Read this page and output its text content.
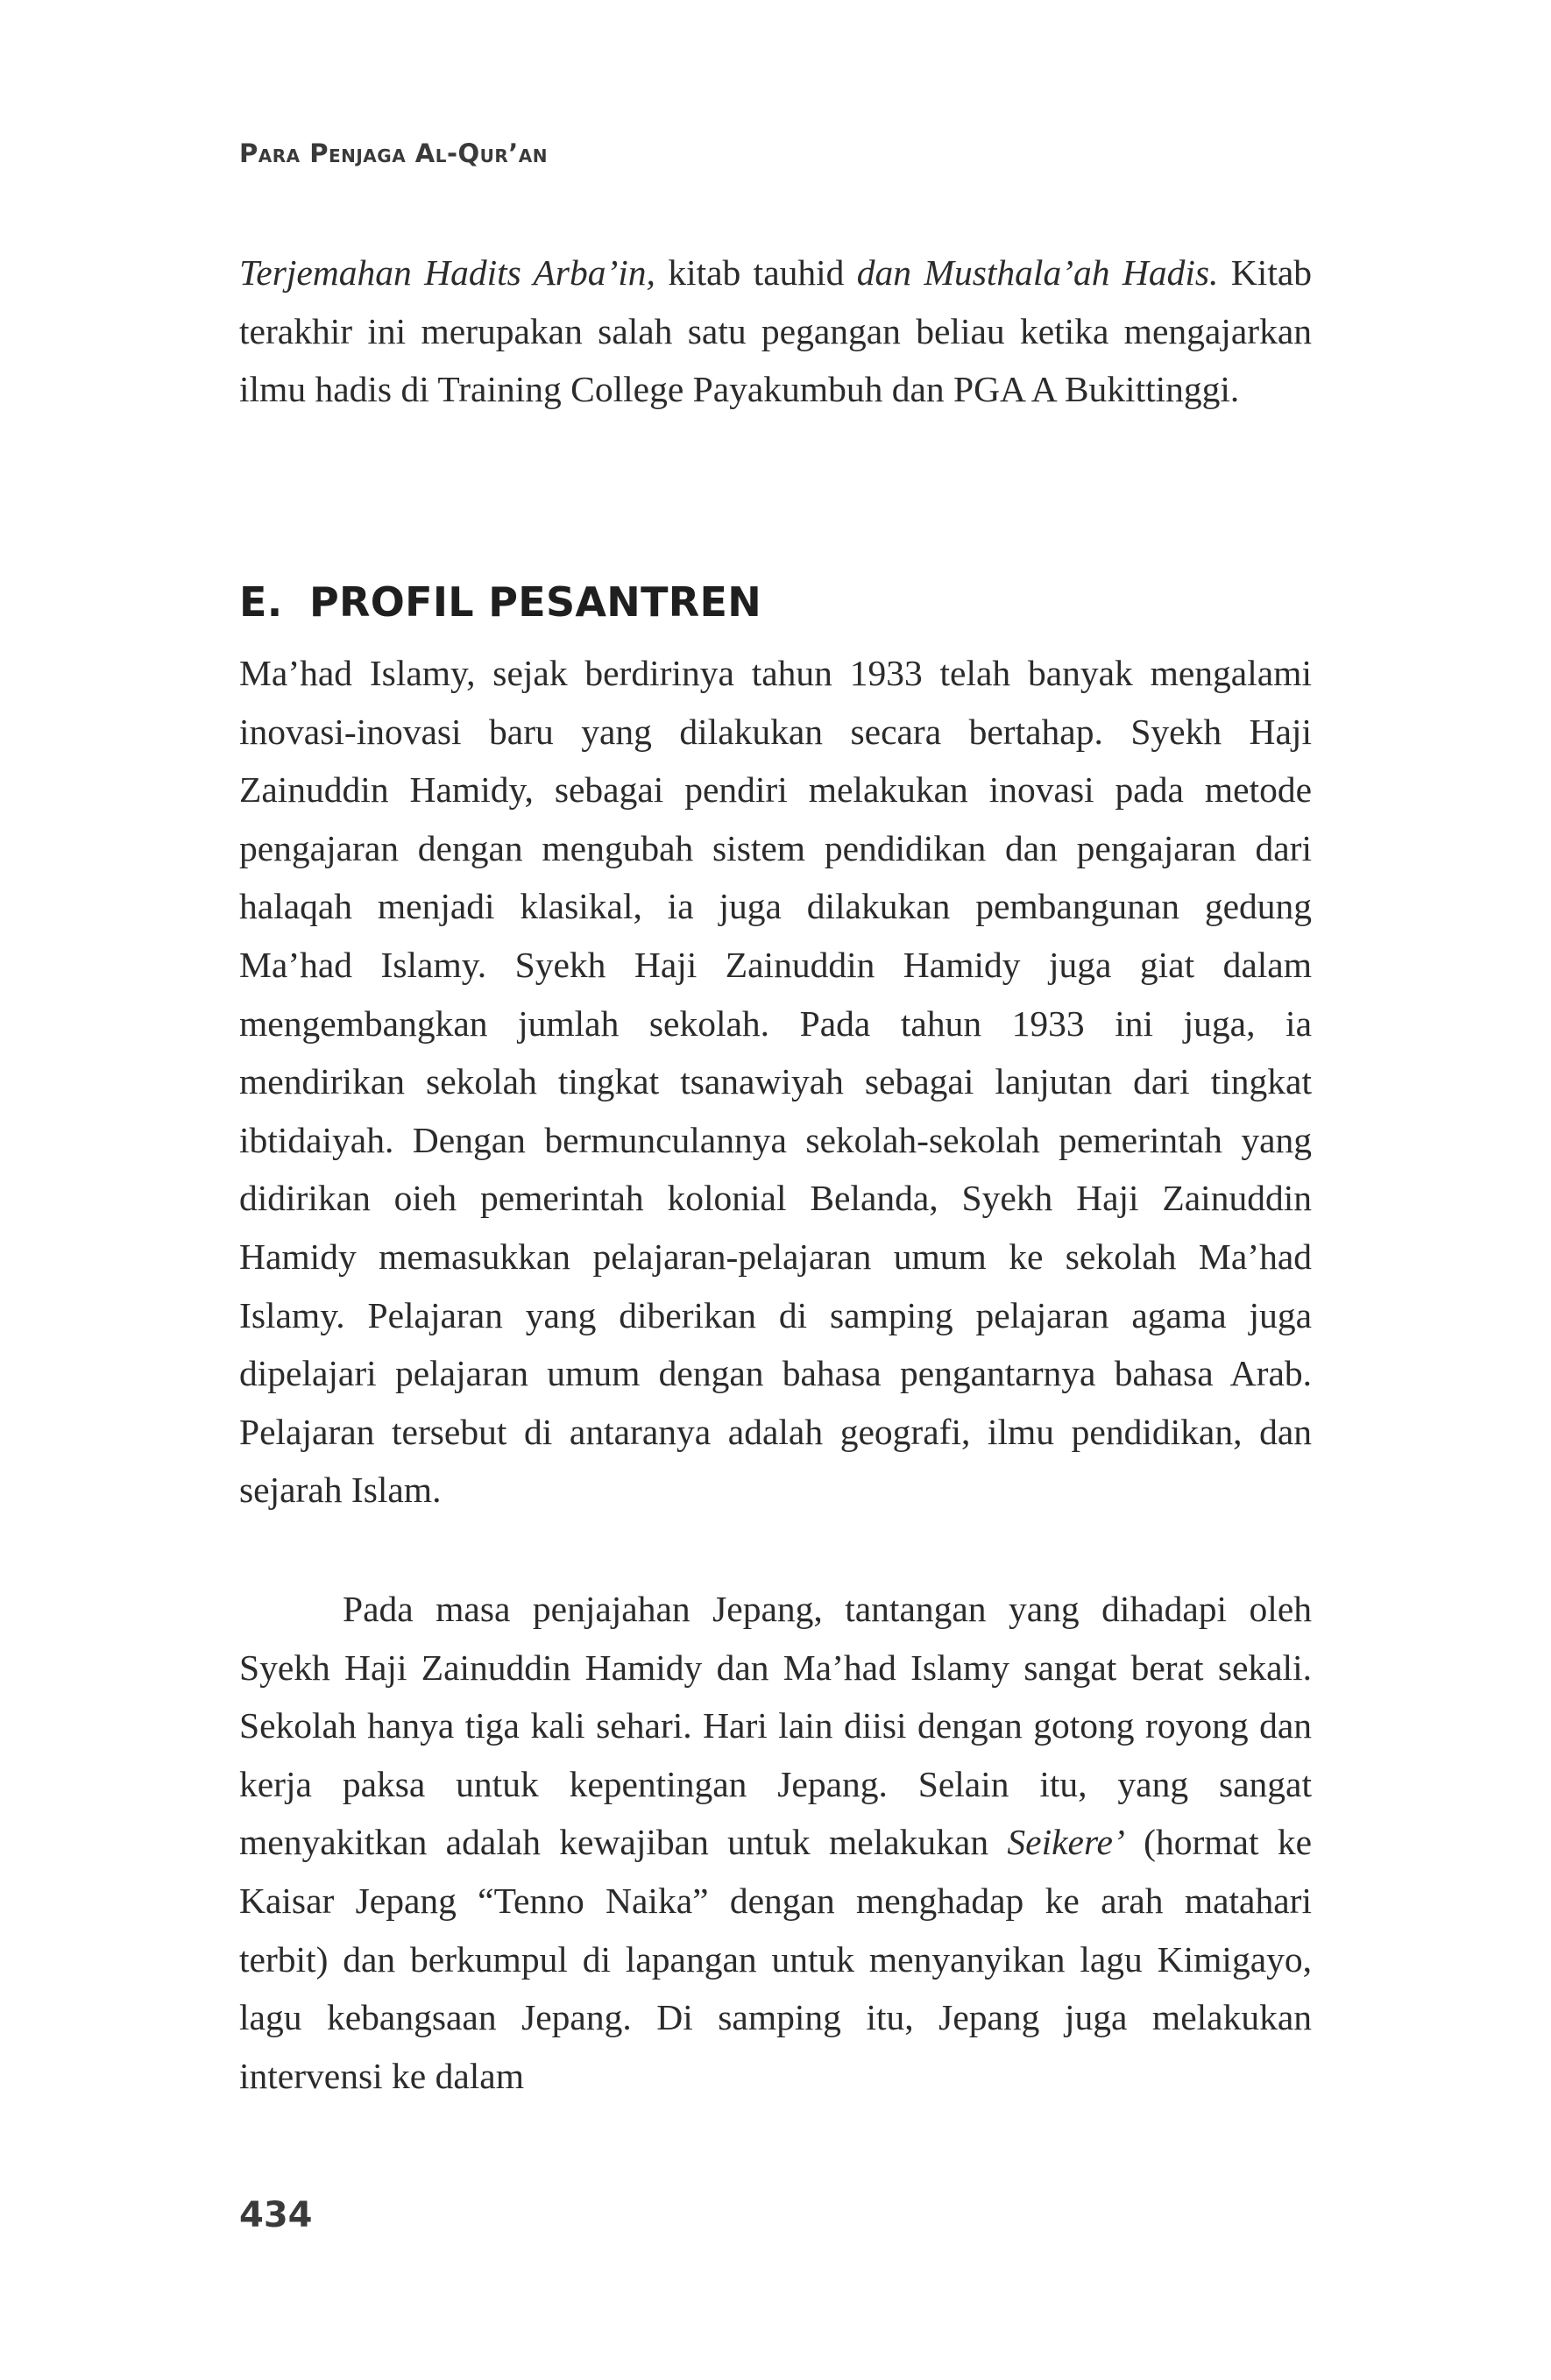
Para Penjaga Al-Qur’an

Terjemahan Hadits Arba’in, kitab tauhid dan Musthala’ah Hadis. Kitab terakhir ini merupakan salah satu pegangan beliau ketika mengajarkan ilmu hadis di Training College Payakumbuh dan PGA A Bukittinggi.

E. PROFIL PESANTREN

Ma’had Islamy, sejak berdirinya tahun 1933 telah banyak mengalami inovasi-inovasi baru yang dilakukan secara bertahap. Syekh Haji Zainuddin Hamidy, sebagai pendiri melakukan inovasi pada metode pengajaran dengan mengubah sistem pendidikan dan pengajaran dari halaqah menjadi klasikal, ia juga dilakukan pembangunan gedung Ma’had Islamy. Syekh Haji Zainuddin Hamidy juga giat dalam mengembangkan jumlah sekolah. Pada tahun 1933 ini juga, ia mendirikan sekolah tingkat tsanawiyah sebagai lanjutan dari tingkat ibtidaiyah. Dengan bermunculannya sekolah-sekolah pemerintah yang didirikan oieh pemerintah kolonial Belanda, Syekh Haji Zainuddin Hamidy memasukkan pelajaran-pelajaran umum ke sekolah Ma’had Islamy. Pelajaran yang diberikan di samping pelajaran agama juga dipelajari pelajaran umum dengan bahasa pengantarnya bahasa Arab. Pelajaran tersebut di antaranya adalah geografi, ilmu pendidikan, dan sejarah Islam.

Pada masa penjajahan Jepang, tantangan yang dihadapi oleh Syekh Haji Zainuddin Hamidy dan Ma’had Islamy sangat berat sekali. Sekolah hanya tiga kali sehari. Hari lain diisi dengan gotong royong dan kerja paksa untuk kepentingan Jepang. Selain itu, yang sangat menyakitkan adalah kewajiban untuk melakukan Seikere’ (hormat ke Kaisar Jepang “Tenno Naika” dengan menghadap ke arah matahari terbit) dan berkumpul di lapangan untuk menyanyikan lagu Kimigayo, lagu kebangsaan Jepang. Di samping itu, Jepang juga melakukan intervensi ke dalam

434
